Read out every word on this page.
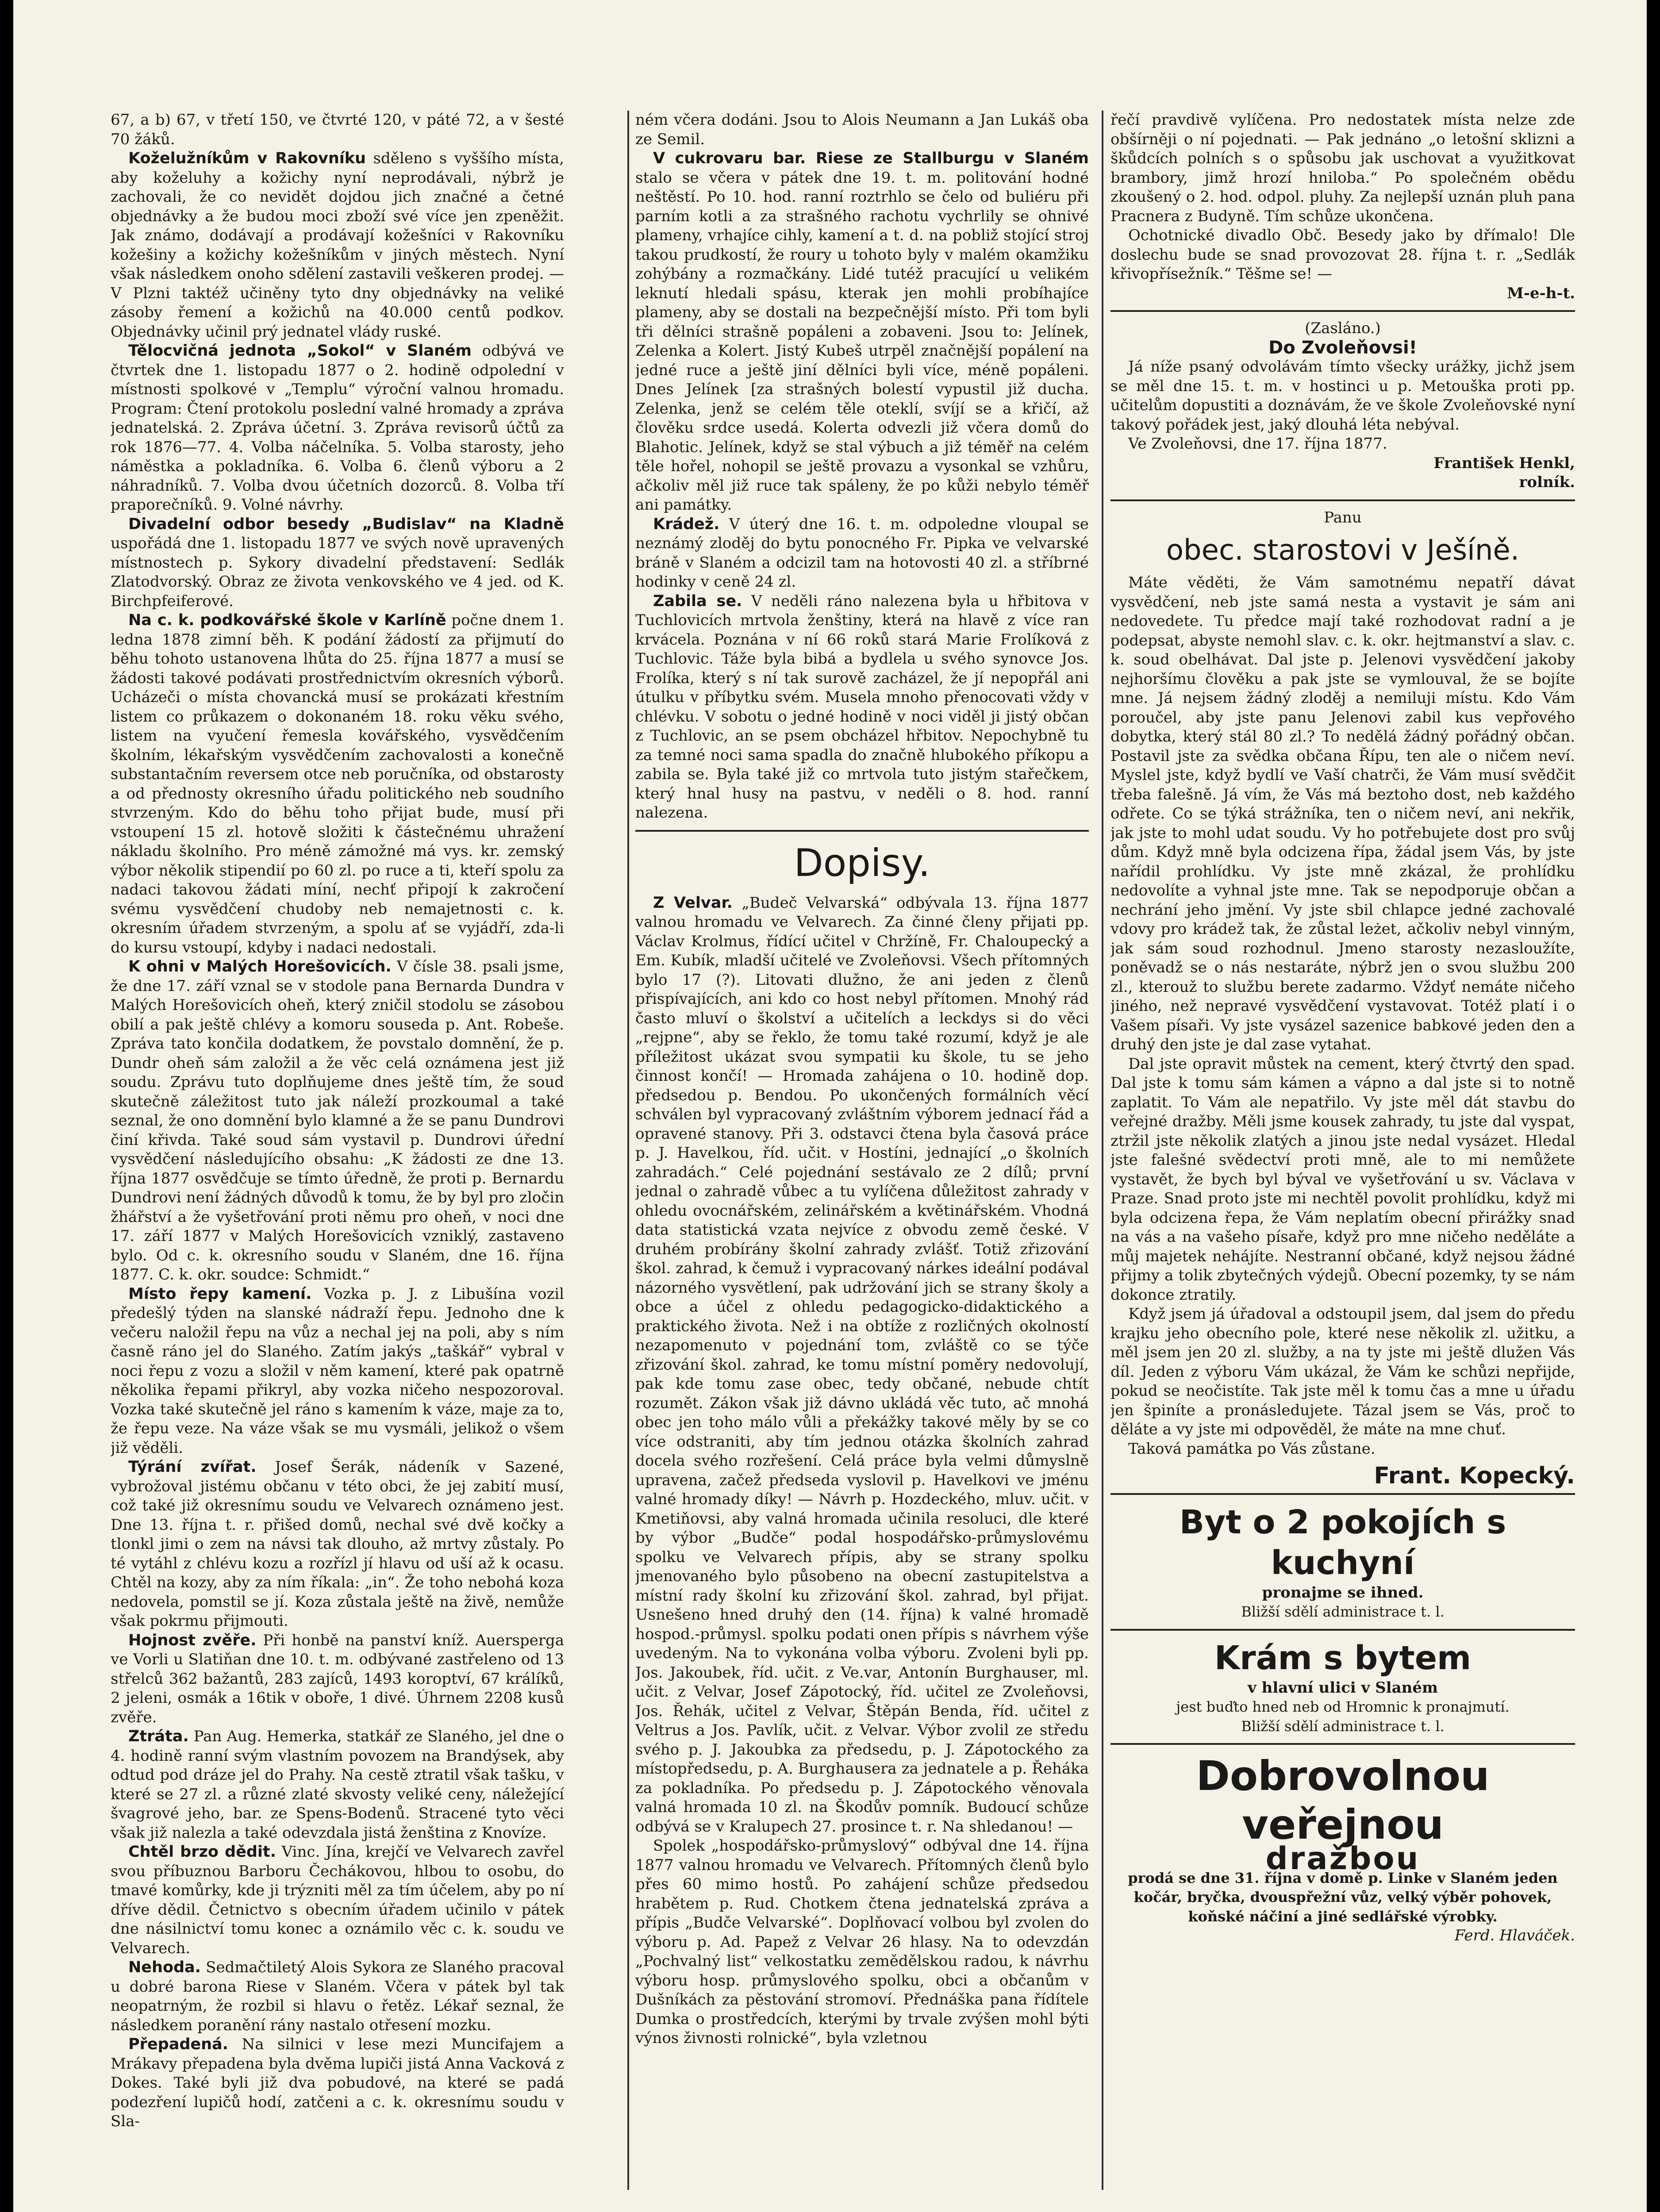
67, a b) 67, v třetí 150, ve čtvrté 120, v páté 72, a v šesté 70 žáků.

Koželužníkům v Rakovníku sděleno s vyššího místa, aby koželuhy a kožichy nyní neprodávali, nýbrž je zachovali, že co nevidět dojdou jich značné a četné objednávky a že budou moci zboží své více jen zpeněžit. Jak známo, dodávají a prodávají kožešníci v Rakovníku kožešiny a kožichy kožešníkům v jiných městech. Nyní však následkem onoho sdělení zastavili veškeren prodej. — V Plzni taktéž učiněny tyto dny objednávky na veliké zásoby řemení a kožichů na 40.000 centů podkov. Objednávky učinil prý jednatel vlády ruské.

Tělocvičná jednota „Sokol“ v Slaném odbývá ve čtvrtek dne 1. listopadu 1877 o 2. hodině odpolední v místnosti spolkové v „Templu“ výroční valnou hromadu. Program: Čtení protokolu poslední valné hromady a zpráva jednatelská. 2. Zpráva účetní. 3. Zpráva revisorů účtů za rok 1876—77. 4. Volba náčelníka. 5. Volba starosty, jeho náměstka a pokladníka. 6. Volba 6. členů výboru a 2 náhradníků. 7. Volba dvou účetních dozorců. 8. Volba tří praporečníků. 9. Volné návrhy.

Divadelní odbor besedy „Budislav“ na Kladně uspořádá dne 1. listopadu 1877 ve svých nově upravených místnostech p. Sykory divadelní představení: Sedlák Zlatodvorský. Obraz ze života venkovského ve 4 jed. od K. Birchpfeiferové.

Na c. k. podkovářské škole v Karlíně počne dnem 1. ledna 1878 zimní běh. K podání žádostí za přijmutí do běhu tohoto ustanovena lhůta do 25. října 1877 a musí se žádosti takové podávati prostřednictvím okresních výborů. Ucházeči o místa chovancká musí se prokázati křestním listem co průkazem o dokonaném 18. roku věku svého, listem na vyučení řemesla kovářského, vysvědčením školním, lékařským vysvědčením zachovalosti a konečně substantačním reversem otce neb poručníka, od obstarosty a od přednosty okresního úřadu politického neb soudního stvrzeným. Kdo do běhu toho přijat bude, musí při vstoupení 15 zl. hotově složiti k částečnému uhražení nákladu školního. Pro méně zámožné má vys. kr. zemský výbor několik stipendií po 60 zl. po ruce a ti, kteří spolu za nadaci takovou žádati míní, nechť připojí k zakročení svému vysvědčení chudoby neb nemajetnosti c. k. okresním úřadem stvrzeným, a spolu ať se vyjádří, zda-li do kursu vstoupí, kdyby i nadaci nedostali.

K ohni v Malých Horešovicích. V čísle 38. psali jsme, že dne 17. září vznal se v stodole pana Bernarda Dundra v Malých Horešovicích oheň, který zničil stodolu se zásobou obilí a pak ještě chlévy a komoru souseda p. Ant. Robeše. Zpráva tato končila dodatkem, že povstalo domnění, že p. Dundr oheň sám založil a že věc celá oznámena jest již soudu. Zprávu tuto doplňujeme dnes ještě tím, že soud skutečně záležitost tuto jak náleží prozkoumal a také seznal, že ono domnění bylo klamné a že se panu Dundrovi činí křivda. Také soud sám vystavil p. Dundrovi úřední vysvědčení následujícího obsahu: „K žádosti ze dne 13. října 1877 osvědčuje se tímto úředně, že proti p. Bernardu Dundrovi není žádných důvodů k tomu, že by byl pro zločin žhářství a že vyšetřování proti němu pro oheň, v noci dne 17. září 1877 v Malých Horešovicích vzniklý, zastaveno bylo. Od c. k. okresního soudu v Slaném, dne 16. října 1877. C. k. okr. soudce: Schmidt.“

Místo řepy kamení. Vozka p. J. z Libušína vozil předešlý týden na slanské nádraží řepu. Jednoho dne k večeru naložil řepu na vůz a nechal jej na poli, aby s ním časně ráno jel do Slaného. Zatím jakýs „taškář“ vybral v noci řepu z vozu a složil v něm kamení, které pak opatrně několika řepami přikryl, aby vozka ničeho nespozoroval. Vozka také skutečně jel ráno s kamením k váze, maje za to, že řepu veze. Na váze však se mu vysmáli, jelikož o všem již věděli.

Týrání zvířat. Josef Šerák, nádeník v Sazené, vybrožoval jistému občanu v této obci, že jej zabití musí, což také již okresnímu soudu ve Velvarech oznámeno jest. Dne 13. října t. r. přišed domů, nechal své dvě kočky a tlonkl jimi o zem na návsi tak dlouho, až mrtvy zůstaly. Po té vytáhl z chlévu kozu a rozřízl jí hlavu od uší až k ocasu. Chtěl na kozy, aby za ním říkala: „in“. Že toho nebohá koza nedovela, pomstil se jí. Koza zůstala ještě na živě, nemůže však pokrmu přijmouti.

Hojnost zvěře. Při honbě na panství kníž. Auersperga ve Vorli u Slatiňan dne 10. t. m. odbývané zastřeleno od 13 střelců 362 bažantů, 283 zajíců, 1493 koroptví, 67 králíků, 2 jeleni, osmák a 16tik v oboře, 1 divé. Úhrnem 2208 kusů zvěře.

Ztráta. Pan Aug. Hemerka, statkář ze Slaného, jel dne o 4. hodině ranní svým vlastním povozem na Brandýsek, aby odtud pod dráze jel do Prahy. Na cestě ztratil však tašku, v které se 27 zl. a různé zlaté skvosty veliké ceny, náležející švagrové jeho, bar. ze Spens-Bodenů. Stracené tyto věci však již nalezla a také odevzdala jistá ženština z Knovíze.

Chtěl brzo dědit. Vinc. Jína, krejčí ve Velvarech zavřel svou příbuznou Barboru Čechákovou, hlbou to osobu, do tmavé komůrky, kde ji trýzniti měl za tím účelem, aby po ní dříve dědil. Četnictvo s obecním úřadem učinilo v pátek dne násilnictví tomu konec a oznámilo věc c. k. soudu ve Velvarech.

Nehoda. Sedmačtiletý Alois Sykora ze Slaného pracoval u dobré barona Riese v Slaném. Včera v pátek byl tak neopatrným, že rozbil si hlavu o řetěz. Lékař seznal, že následkem poranění rány nastalo otřesení mozku.

Přepadená. Na silnici v lese mezi Muncifajem a Mrákavy přepadena byla dvěma lupiči jistá Anna Vacková z Dokes. Také byli již dva pobudové, na které se padá podezření lupičů hodí, zatčeni a c. k. okresnímu soudu v Sla-

ném včera dodáni. Jsou to Alois Neumann a Jan Lukáš oba ze Semil.

V cukrovaru bar. Riese ze Stallburgu v Slaném stalo se včera v pátek dne 19. t. m. politování hodné neštěstí. Po 10. hod. ranní roztrhlo se čelo od buliéru při parním kotli a za strašného rachotu vychrlily se ohnivé plameny, vrhajíce cihly, kamení a t. d. na pobliž stojící stroj takou prudkostí, že roury u tohoto byly v malém okamžiku zohýbány a rozmačkány. Lidé tutéž pracující u velikém leknutí hledali spásu, kterak jen mohli probíhajíce plameny, aby se dostali na bezpečnější místo. Při tom byli tři dělníci strašně popáleni a zobaveni. Jsou to: Jelínek, Zelenka a Kolert. Jistý Kubeš utrpěl značnější popálení na jedné ruce a ještě jiní dělníci byli více, méně popáleni. Dnes Jelínek [za strašných bolestí vypustil již ducha. Zelenka, jenž se celém těle oteklí, svíjí se a křičí, až člověku srdce usedá. Kolerta odvezli již včera domů do Blahotic. Jelínek, když se stal výbuch a již téměř na celém těle hořel, nohopil se ještě provazu a vysonkal se vzhůru, ačkoliv měl již ruce tak spáleny, že po kůži nebylo téměř ani památky.

Krádež. V úterý dne 16. t. m. odpoledne vloupal se neznámý zloděj do bytu ponocného Fr. Pipka ve velvarské bráně v Slaném a odcizil tam na hotovosti 40 zl. a stříbrné hodinky v ceně 24 zl.

Zabila se. V neděli ráno nalezena byla u hřbitova v Tuchlovicích mrtvola ženštiny, která na hlavě z více ran krvácela. Poznána v ní 66 roků stará Marie Frolíková z Tuchlovic. Táže byla bibá a bydlela u svého synovce Jos. Frolíka, který s ní tak surově zacházel, že jí nepopřál ani útulku v příbytku svém. Musela mnoho přenocovati vždy v chlévku. V sobotu o jedné hodině v noci viděl ji jistý občan z Tuchlovic, an se psem obcházel hřbitov. Nepochybně tu za temné noci sama spadla do značně hlubokého příkopu a zabila se. Byla také již co mrtvola tuto jistým stařečkem, který hnal husy na pastvu, v neděli o 8. hod. ranní nalezena.

Dopisy.

Z Velvar. „Budeč Velvarská“ odbývala 13. října 1877 valnou hromadu ve Velvarech. Za činné členy přijati pp. Václav Krolmus, řídící učitel v Chržíně, Fr. Chaloupecký a Em. Kubík, mladší učitelé ve Zvoleňovsi. Všech přítomných bylo 17 (?). Litovati dlužno, že ani jeden z členů přispívajících, ani kdo co host nebyl přítomen. Mnohý rád často mluví o školství a učitelích a leckdys si do věci „rejpne“, aby se řeklo, že tomu také rozumí, když je ale příležitost ukázat svou sympatii ku škole, tu se jeho činnost končí! — Hromada zahájena o 10. hodině dop. předsedou p. Bendou. Po ukončených formálních věcí schválen byl vypracovaný zvláštním výborem jednací řád a opravené stanovy. Při 3. odstavci čtena byla časová práce p. J. Havelkou, říd. učit. v Hostíni, jednající „o školních zahradách.“ Celé pojednání sestávalo ze 2 dílů; první jednal o zahradě vůbec a tu vylíčena důležitost zahrady v ohledu ovocnářském, zelinářském a květinářském. Vhodná data statistická vzata nejvíce z obvodu země české. V druhém probírány školní zahrady zvlášť. Totiž zřizování škol. zahrad, k čemuž i vypracovaný nárkes ideální podával názorného vysvětlení, pak udržování jich se strany školy a obce a účel z ohledu pedagogicko-didaktického a praktického života. Než i na obtíže z rozličných okolností nezapomenuto v pojednání tom, zvláště co se týče zřizování škol. zahrad, ke tomu místní poměry nedovolují, pak kde tomu zase obec, tedy občané, nebude chtít rozumět. Zákon však již dávno ukládá věc tuto, ač mnohá obec jen toho málo vůli a překážky takové měly by se co více odstraniti, aby tím jednou otázka školních zahrad docela svého rozřešení. Celá práce byla velmi důmyslně upravena, začež předseda vyslovil p. Havelkovi ve jménu valné hromady díky! — Návrh p. Hozdeckého, mluv. učit. v Kmetiňovsi, aby valná hromada učinila resoluci, dle které by výbor „Budče“ podal hospodářsko-průmyslovému spolku ve Velvarech přípis, aby se strany spolku jmenovaného bylo působeno na obecní zastupitelstva a místní rady školní ku zřizování škol. zahrad, byl přijat. Usnešeno hned druhý den (14. října) k valné hromadě hospod.-průmysl. spolku podati onen přípis s návrhem výše uvedeným. Na to vykonána volba výboru. Zvoleni byli pp. Jos. Jakoubek, říd. učit. z Ve.var, Antonín Burghauser, ml. učit. z Velvar, Josef Zápotocký, říd. učitel ze Zvoleňovsi, Jos. Řehák, učitel z Velvar, Štěpán Benda, říd. učitel z Veltrus a Jos. Pavlík, učit. z Velvar. Výbor zvolil ze středu svého p. J. Jakoubka za předsedu, p. J. Zápotockého za místopředsedu, p. A. Burghausera za jednatele a p. Řeháka za pokladníka. Po předsedu p. J. Zápotockého věnovala valná hromada 10 zl. na Škodův pomník. Budoucí schůze odbývá se v Kralupech 27. prosince t. r. Na shledanou! —

Spolek „hospodářsko-průmyslový“ odbýval dne 14. října 1877 valnou hromadu ve Velvarech. Přítomných členů bylo přes 60 mimo hostů. Po zahájení schůze předsedou hrabětem p. Rud. Chotkem čtena jednatelská zpráva a přípis „Budče Velvarské“. Doplňovací volbou byl zvolen do výboru p. Ad. Papež z Velvar 26 hlasy. Na to odevzdán „Pochvalný list“ velkostatku zemědělskou radou, k návrhu výboru hosp. průmyslového spolku, obci a občanům v Dušníkách za pěstování stromoví. Přednáška pana řídítele Dumka o prostředcích, kterými by trvale zvýšen mohl býti výnos živnosti rolnické“, byla vzletnou

řečí pravdivě vylíčena. Pro nedostatek místa nelze zde obšírněji o ní pojednati. — Pak jednáno „o letošní sklizni a škůdcích polních s o spůsobu jak uschovat a využitkovat brambory, jimž hrozí hniloba.“ Po společném obědu zkoušený o 2. hod. odpol. pluhy. Za nejlepší uznán pluh pana Pracnera z Budyně. Tím schůze ukončena.

Ochotnické divadlo Obč. Besedy jako by dřímalo! Dle doslechu bude se snad provozovat 28. října t. r. „Sedlák křivopřísežník.“ Těšme se! —

M-e-h-t.

(Zasláno.)

Do Zvoleňovsi!

Já níže psaný odvolávám tímto všecky urážky, jichž jsem se měl dne 15. t. m. v hostinci u p. Metouška proti pp. učitelům dopustiti a doznávám, že ve škole Zvoleňovské nyní takový pořádek jest, jaký dlouhá léta nebýval.

Ve Zvoleňovsi, dne 17. října 1877.

František Henkl,

rolník.

Panu

obec. starostovi v Ješíně.

Máte věděti, že Vám samotnému nepatří dávat vysvědčení, neb jste samá nesta a vystavit je sám ani nedovedete. Tu předce mají také rozhodovat radní a je podepsat, abyste nemohl slav. c. k. okr. hejtmanství a slav. c. k. soud obelhávat. Dal jste p. Jelenovi vysvědčení jakoby nejhoršímu člověku a pak jste se vymlouval, že se bojíte mne. Já nejsem žádný zloděj a nemiluji místu. Kdo Vám poroučel, aby jste panu Jelenovi zabil kus vepřového dobytka, který stál 80 zl.? To nedělá žádný pořádný občan. Postavil jste za svědka občana Řípu, ten ale o ničem neví. Myslel jste, když bydlí ve Vaší chatrči, že Vám musí svědčit třeba falešně. Já vím, že Vás má beztoho dost, neb každého odřete. Co se týká strážníka, ten o ničem neví, ani nekřik, jak jste to mohl udat soudu. Vy ho potřebujete dost pro svůj dům. Když mně byla odcizena řípa, žádal jsem Vás, by jste nařídil prohlídku. Vy jste mně zkázal, že prohlídku nedovolíte a vyhnal jste mne. Tak se nepodporuje občan a nechrání jeho jmění. Vy jste sbil chlapce jedné zachovalé vdovy pro krádež tak, že zůstal leżet, ačkoliv nebyl vinným, jak sám soud rozhodnul. Jmeno starosty nezasloužíte, poněvadž se o nás nestaráte, nýbrž jen o svou službu 200 zl., kterouž to službu berete zadarmo. Vždyť nemáte ničeho jiného, než nepravé vysvědčení vystavovat. Totéž platí i o Vašem písaři. Vy jste vysázel sazenice babkové jeden den a druhý den jste je dal zase vytahat.

Dal jste opravit můstek na cement, který čtvrtý den spad. Dal jste k tomu sám kámen a vápno a dal jste si to notně zaplatit. To Vám ale nepatřilo. Vy jste měl dát stavbu do veřejné dražby. Měli jsme kousek zahrady, tu jste dal vyspat, ztržil jste několik zlatých a jinou jste nedal vysázet. Hledal jste falešné svědectví proti mně, ale to mi nemůžete vystavět, že bych byl býval ve vyšetřování u sv. Václava v Praze. Snad proto jste mi nechtěl povolit prohlídku, když mi byla odcizena řepa, že Vám neplatím obecní přirážky snad na vás a na vašeho písaře, když pro mne ničeho neděláte a můj majetek nehájíte. Nestranní občané, když nejsou žádné přijmy a tolik zbytečných výdejů. Obecní pozemky, ty se nám dokonce ztratily.

Když jsem já úřadoval a odstoupil jsem, dal jsem do předu krajku jeho obecního pole, které nese několik zl. užitku, a měl jsem jen 20 zl. služby, a na ty jste mi ještě dlužen Vás díl. Jeden z výboru Vám ukázal, že Vám ke schůzi nepřijde, pokud se neočistíte. Tak jste měl k tomu čas a mne u úřadu jen špiníte a pronásledujete. Tázal jsem se Vás, proč to děláte a vy jste mi odpověděl, že máte na mne chuť.

Taková památka po Vás zůstane.

Frant. Kopecký.

Byt o 2 pokojích s kuchyní

pronajme se ihned.

Bližší sdělí administrace t. l.

Krám s bytem

v hlavní ulici v Slaném

jest buďto hned neb od Hromnic k pronajmutí.

Bližší sdělí administrace t. l.

Dobrovolnou veřejnou

dražbou

prodá se dne 31. října v domě p. Linke v Slaném jeden kočár, bryčka, dvouspřežní vůz, velký výběr pohovek, koňské náčiní a jiné sedlářské výrobky.

Ferd. Hlaváček.
